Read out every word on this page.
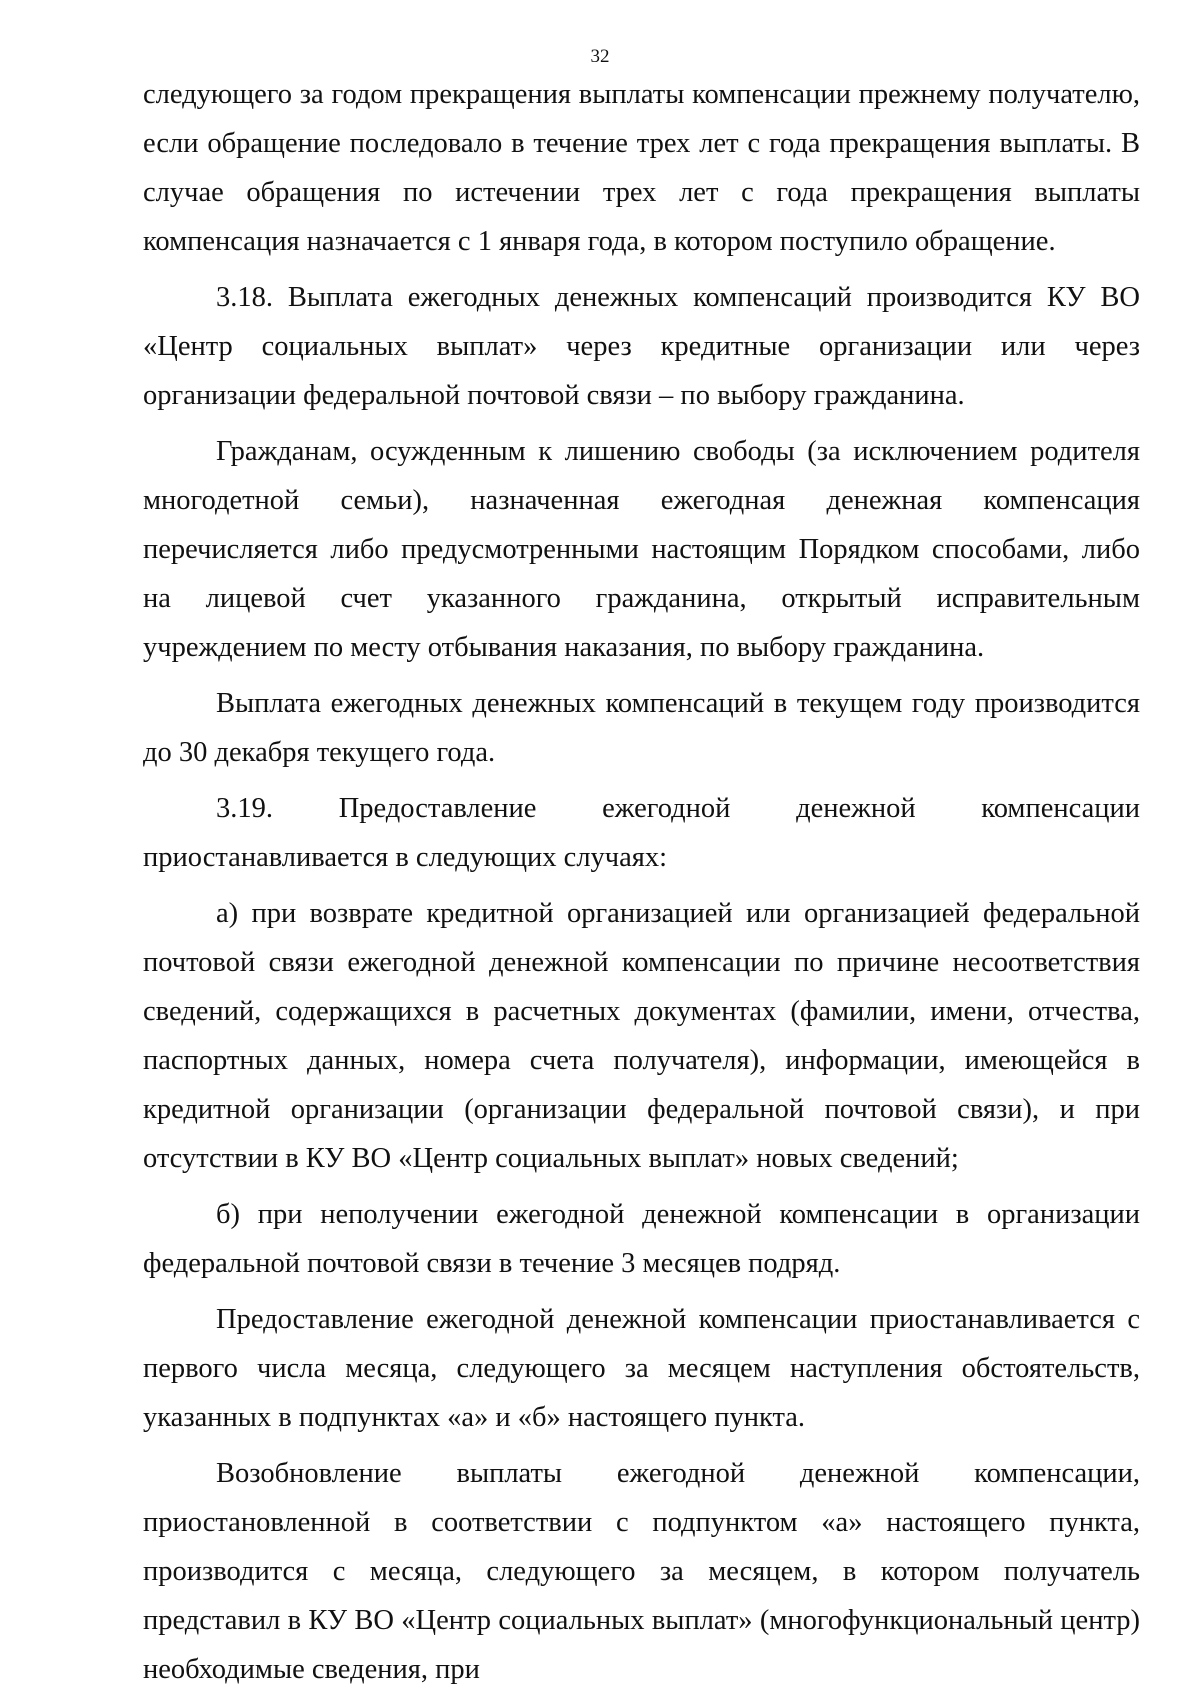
32

следующего за годом прекращения выплаты компенсации прежнему получателю, если обращение последовало в течение трех лет с года прекращения выплаты. В случае обращения по истечении трех лет с года прекращения выплаты компенсация назначается с 1 января года, в котором поступило обращение.

3.18. Выплата ежегодных денежных компенсаций производится КУ ВО «Центр социальных выплат» через кредитные организации или через организации федеральной почтовой связи – по выбору гражданина.

Гражданам, осужденным к лишению свободы (за исключением родителя многодетной семьи), назначенная ежегодная денежная компенсация перечисляется либо предусмотренными настоящим Порядком способами, либо на лицевой счет указанного гражданина, открытый исправительным учреждением по месту отбывания наказания, по выбору гражданина.

Выплата ежегодных денежных компенсаций в текущем году производится до 30 декабря текущего года.

3.19. Предоставление ежегодной денежной компенсации приостанавливается в следующих случаях:

а) при возврате кредитной организацией или организацией федеральной почтовой связи ежегодной денежной компенсации по причине несоответствия сведений, содержащихся в расчетных документах (фамилии, имени, отчества, паспортных данных, номера счета получателя), информации, имеющейся в кредитной организации (организации федеральной почтовой связи), и при отсутствии в КУ ВО «Центр социальных выплат» новых сведений;

б) при неполучении ежегодной денежной компенсации в организации федеральной почтовой связи в течение 3 месяцев подряд.

Предоставление ежегодной денежной компенсации приостанавливается с первого числа месяца, следующего за месяцем наступления обстоятельств, указанных в подпунктах «а» и «б» настоящего пункта.

Возобновление выплаты ежегодной денежной компенсации, приостановленной в соответствии с подпунктом «а» настоящего пункта, производится с месяца, следующего за месяцем, в котором получатель представил в КУ ВО «Центр социальных выплат» (многофункциональный центр) необходимые сведения, при
